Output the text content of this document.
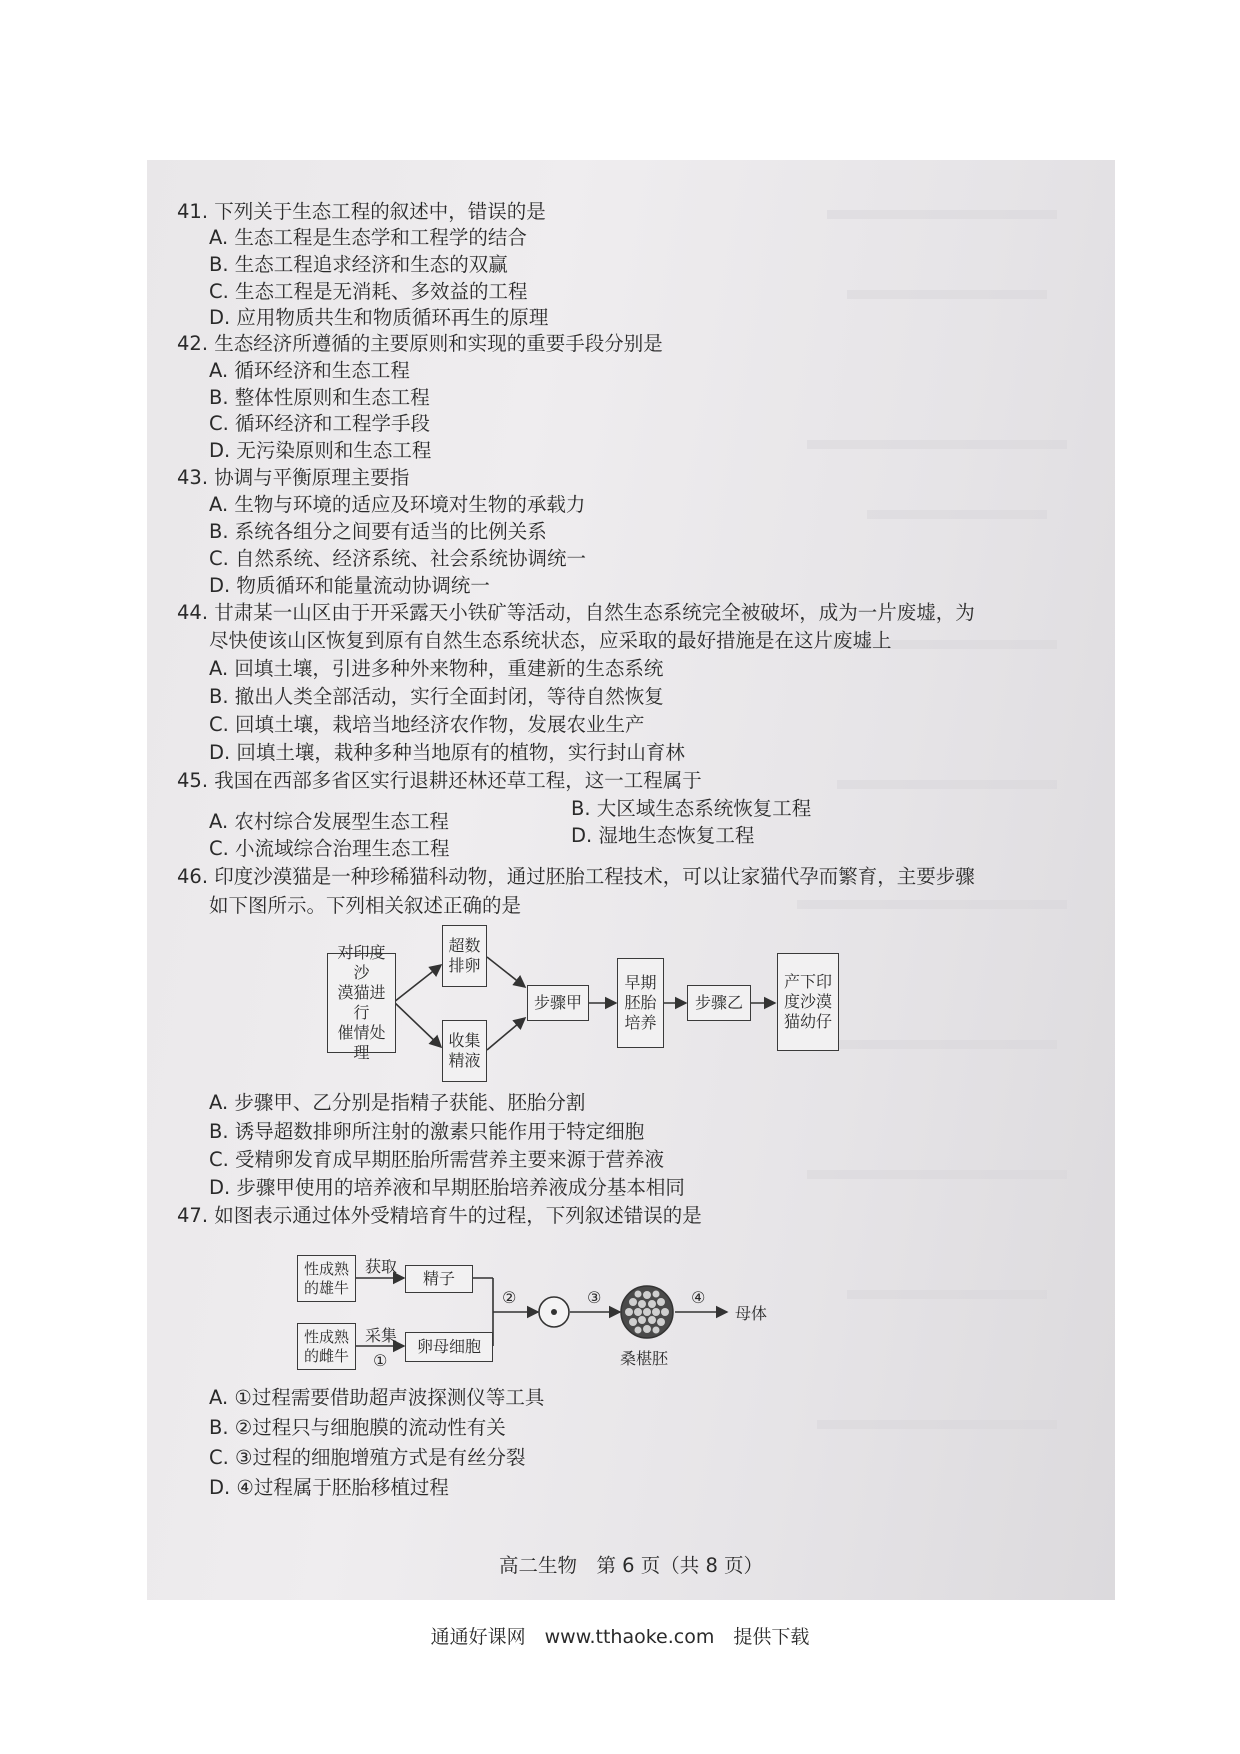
41. 下列关于生态工程的叙述中，错误的是
A. 生态工程是生态学和工程学的结合
B. 生态工程追求经济和生态的双赢
C. 生态工程是无消耗、多效益的工程
D. 应用物质共生和物质循环再生的原理
42. 生态经济所遵循的主要原则和实现的重要手段分别是
A. 循环经济和生态工程
B. 整体性原则和生态工程
C. 循环经济和工程学手段
D. 无污染原则和生态工程
43. 协调与平衡原理主要指
A. 生物与环境的适应及环境对生物的承载力
B. 系统各组分之间要有适当的比例关系
C. 自然系统、经济系统、社会系统协调统一
D. 物质循环和能量流动协调统一
44. 甘肃某一山区由于开采露天小铁矿等活动，自然生态系统完全被破坏，成为一片废墟，为
尽快使该山区恢复到原有自然生态系统状态，应采取的最好措施是在这片废墟上
A. 回填土壤，引进多种外来物种，重建新的生态系统
B. 撤出人类全部活动，实行全面封闭，等待自然恢复
C. 回填土壤，栽培当地经济农作物，发展农业生产
D. 回填土壤，栽种多种当地原有的植物，实行封山育林
45. 我国在西部多省区实行退耕还林还草工程，这一工程属于
A. 农村综合发展型生态工程
B. 大区域生态系统恢复工程
C. 小流域综合治理生态工程
D. 湿地生态恢复工程
46. 印度沙漠猫是一种珍稀猫科动物，通过胚胎工程技术，可以让家猫代孕而繁育，主要步骤
如下图所示。下列相关叙述正确的是
对印度沙
漠猫进行
催情处理
超数
排卵
收集
精液
步骤甲
早期
胚胎
培养
步骤乙
产下印
度沙漠
猫幼仔
A. 步骤甲、乙分别是指精子获能、胚胎分割
B. 诱导超数排卵所注射的激素只能作用于特定细胞
C. 受精卵发育成早期胚胎所需营养主要来源于营养液
D. 步骤甲使用的培养液和早期胚胎培养液成分基本相同
47. 如图表示通过体外受精培育牛的过程，下列叙述错误的是
性成熟
的雄牛
性成熟
的雌牛
获取
采集
①
精子
卵母细胞
②	③
桑椹胚
④
母体
A. ①过程需要借助超声波探测仪等工具
B. ②过程只与细胞膜的流动性有关
C. ③过程的细胞增殖方式是有丝分裂
D. ④过程属于胚胎移植过程
高二生物　第 6 页（共 8 页）
通通好课网　www.tthaoke.com　提供下载
